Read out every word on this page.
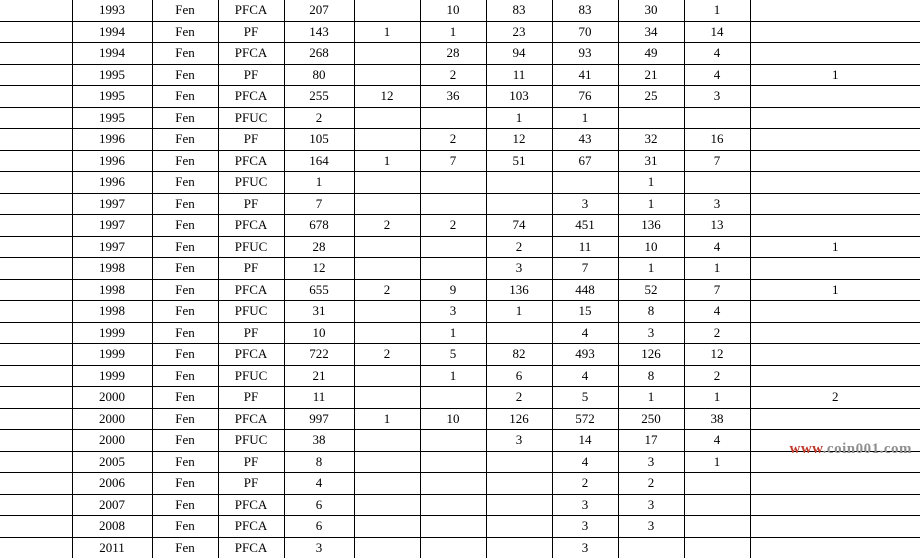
	1993	Fen	PFCA	207		10	83	83	30	1	
	1994	Fen	PF	143	1	1	23	70	34	14	
	1994	Fen	PFCA	268		28	94	93	49	4	
	1995	Fen	PF	80		2	11	41	21	4	1
	1995	Fen	PFCA	255	12	36	103	76	25	3	
	1995	Fen	PFUC	2			1	1			
	1996	Fen	PF	105		2	12	43	32	16	
	1996	Fen	PFCA	164	1	7	51	67	31	7	
	1996	Fen	PFUC	1					1		
	1997	Fen	PF	7				3	1	3	
	1997	Fen	PFCA	678	2	2	74	451	136	13	
	1997	Fen	PFUC	28			2	11	10	4	1
	1998	Fen	PF	12			3	7	1	1	
	1998	Fen	PFCA	655	2	9	136	448	52	7	1
	1998	Fen	PFUC	31		3	1	15	8	4	
	1999	Fen	PF	10		1		4	3	2	
	1999	Fen	PFCA	722	2	5	82	493	126	12	
	1999	Fen	PFUC	21		1	6	4	8	2	
	2000	Fen	PF	11			2	5	1	1	2
	2000	Fen	PFCA	997	1	10	126	572	250	38	
	2000	Fen	PFUC	38			3	14	17	4	
	2005	Fen	PF	8				4	3	1	
	2006	Fen	PF	4				2	2		
	2007	Fen	PFCA	6				3	3		
	2008	Fen	PFCA	6				3	3		
	2011	Fen	PFCA	3				3			
www.coin001.com
